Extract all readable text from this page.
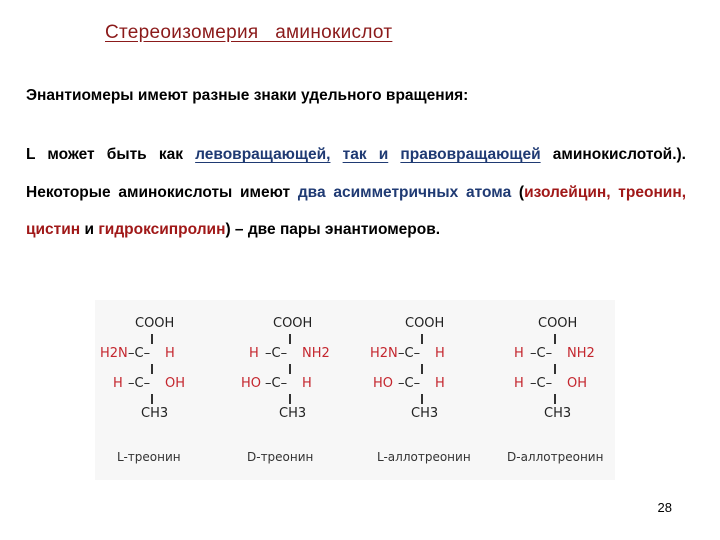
Стереоизомерия   аминокислот
Энантиомеры имеют разные знаки удельного вращения:
L может быть как левовращающей, так и правовращающей аминокислотой.). Некоторые аминокислоты имеют два асимметричных атома (изолейцин, треонин, цистин и гидроксипролин) – две пары энантиомеров.
COOH
H2N –C– H
H –C– OH
CH3
L-треонин
COOH
H –C– NH2
HO –C– H
CH3
D-треонин
COOH
H2N –C– H
HO –C– H
CH3
L-аллотреонин
COOH
H –C– NH2
H –C– OH
CH3
D-аллотреонин
28
